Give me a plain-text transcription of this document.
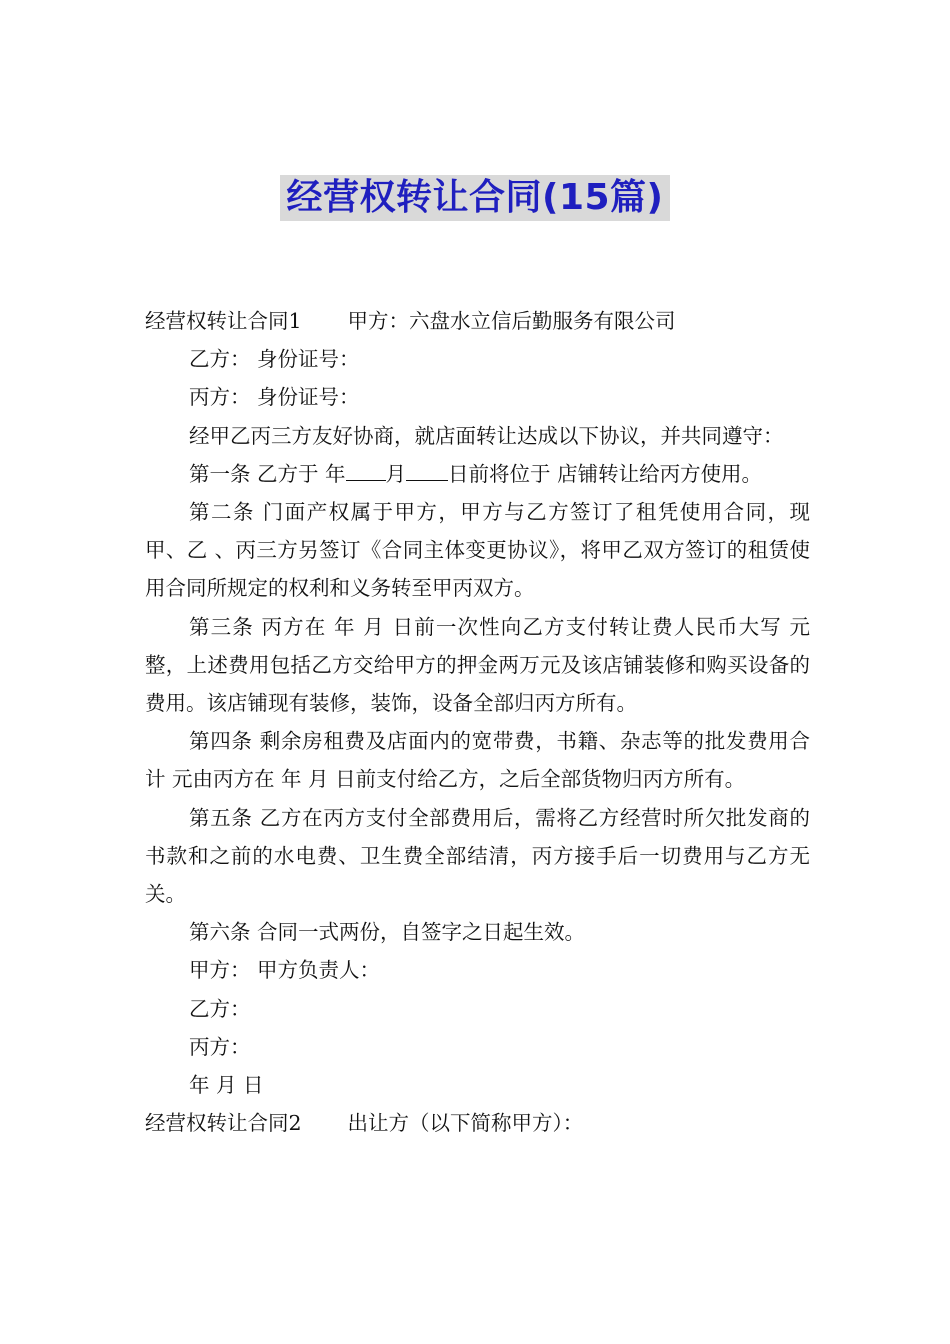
经营权转让合同(15篇)

经营权转让合同1 甲方：六盘水立信后勤服务有限公司

乙方： 身份证号：

丙方： 身份证号：

经甲乙丙三方友好协商，就店面转让达成以下协议，并共同遵守：

第一条 乙方于 年 月 日前将位于 店铺转让给丙方使用。

第二条 门面产权属于甲方，甲方与乙方签订了租凭使用合同，现甲、乙 、丙三方另签订《合同主体变更协议》，将甲乙双方签订的租赁使用合同所规定的权利和义务转至甲丙双方。

第三条 丙方在 年 月 日前一次性向乙方支付转让费人民币大写 元整，上述费用包括乙方交给甲方的押金两万元及该店铺装修和购买设备的费用。该店铺现有装修，装饰，设备全部归丙方所有。

第四条 剩余房租费及店面内的宽带费，书籍、杂志等的批发费用合计 元由丙方在 年 月 日前支付给乙方，之后全部货物归丙方所有。

第五条 乙方在丙方支付全部费用后，需将乙方经营时所欠批发商的书款和之前的水电费、卫生费全部结清，丙方接手后一切费用与乙方无关。

第六条 合同一式两份，自签字之日起生效。

甲方： 甲方负责人：

乙方：

丙方：

年 月 日

经营权转让合同2 出让方（以下简称甲方）：
